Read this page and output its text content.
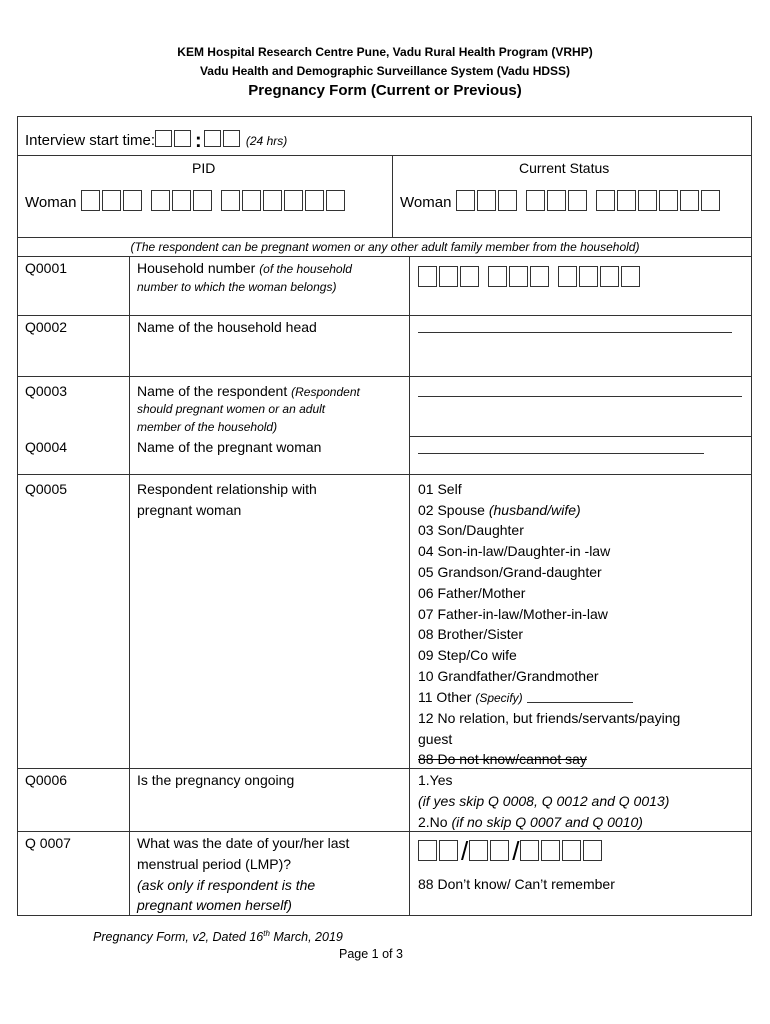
KEM Hospital Research Centre Pune, Vadu Rural Health Program (VRHP)
Vadu Health and Demographic Surveillance System (Vadu HDSS)
Pregnancy Form (Current or Previous)
Interview start time: :	(24 hrs)
PID	Current Status
Woman	Woman
(The respondent can be pregnant women or any other adult family member from the household)
Q0001	Household number (of the household
number to which the woman belongs)
Q0002	Name of the household head
Q0003	Name of the respondent (Respondent
should pregnant women or an adult
member of the household)
Q0004	Name of the pregnant woman
Q0005	Respondent relationship with
pregnant woman
01 Self
02 Spouse (husband/wife)
03 Son/Daughter
04 Son-in-law/Daughter-in -law
05 Grandson/Grand-daughter
06 Father/Mother
07 Father-in-law/Mother-in-law
08 Brother/Sister
09 Step/Co wife
10 Grandfather/Grandmother
11 Other (Specify)
12 No relation, but friends/servants/paying
guest
88 Do not know/cannot say
Q0006	Is the pregnancy ongoing	1.Yes
(if yes skip Q 0008, Q 0012 and Q 0013)
2.No (if no skip Q 0007 and Q 0010)
Q 0007	What was the date of your/her last
menstrual period (LMP)?
(ask only if respondent is the
pregnant women herself)
/ /
88 Don’t know/ Can’t remember
Pregnancy Form, v2, Dated 16th March, 2019
Page 1 of 3
